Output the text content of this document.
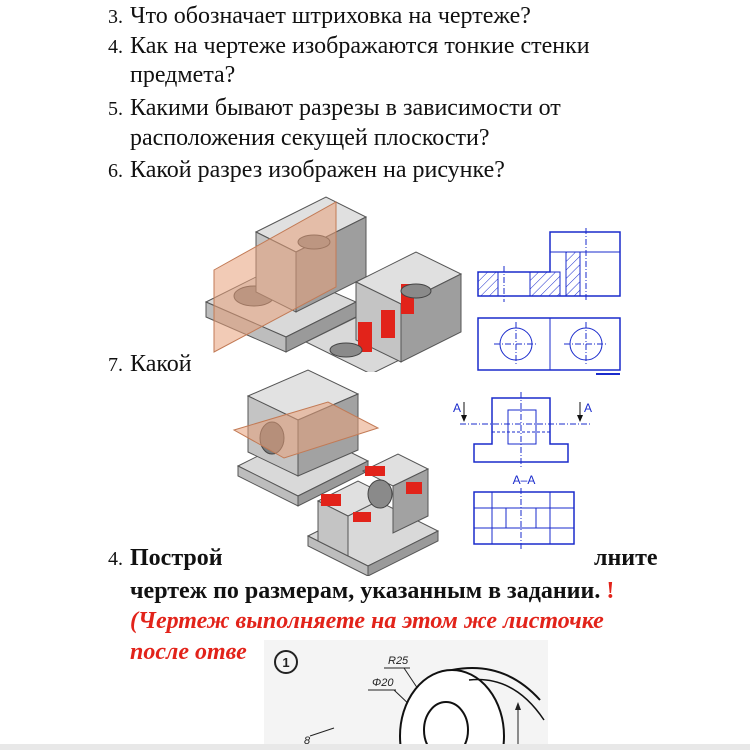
3. Что обозначает штриховка на чертеже?
4. Как на чертеже изображаются тонкие стенки
предмета?
5. Какими бывают разрезы в зависимости от
расположения секущей плоскости?
6. Какой разрез изображен на рисунке?
7. Какой
A	A
A–A
4. Построй	лните
чертеж по размерам, указанным в задании. !
(Чертеж выполняете на этом же листочке
после отве	1	R25
Φ20
8
